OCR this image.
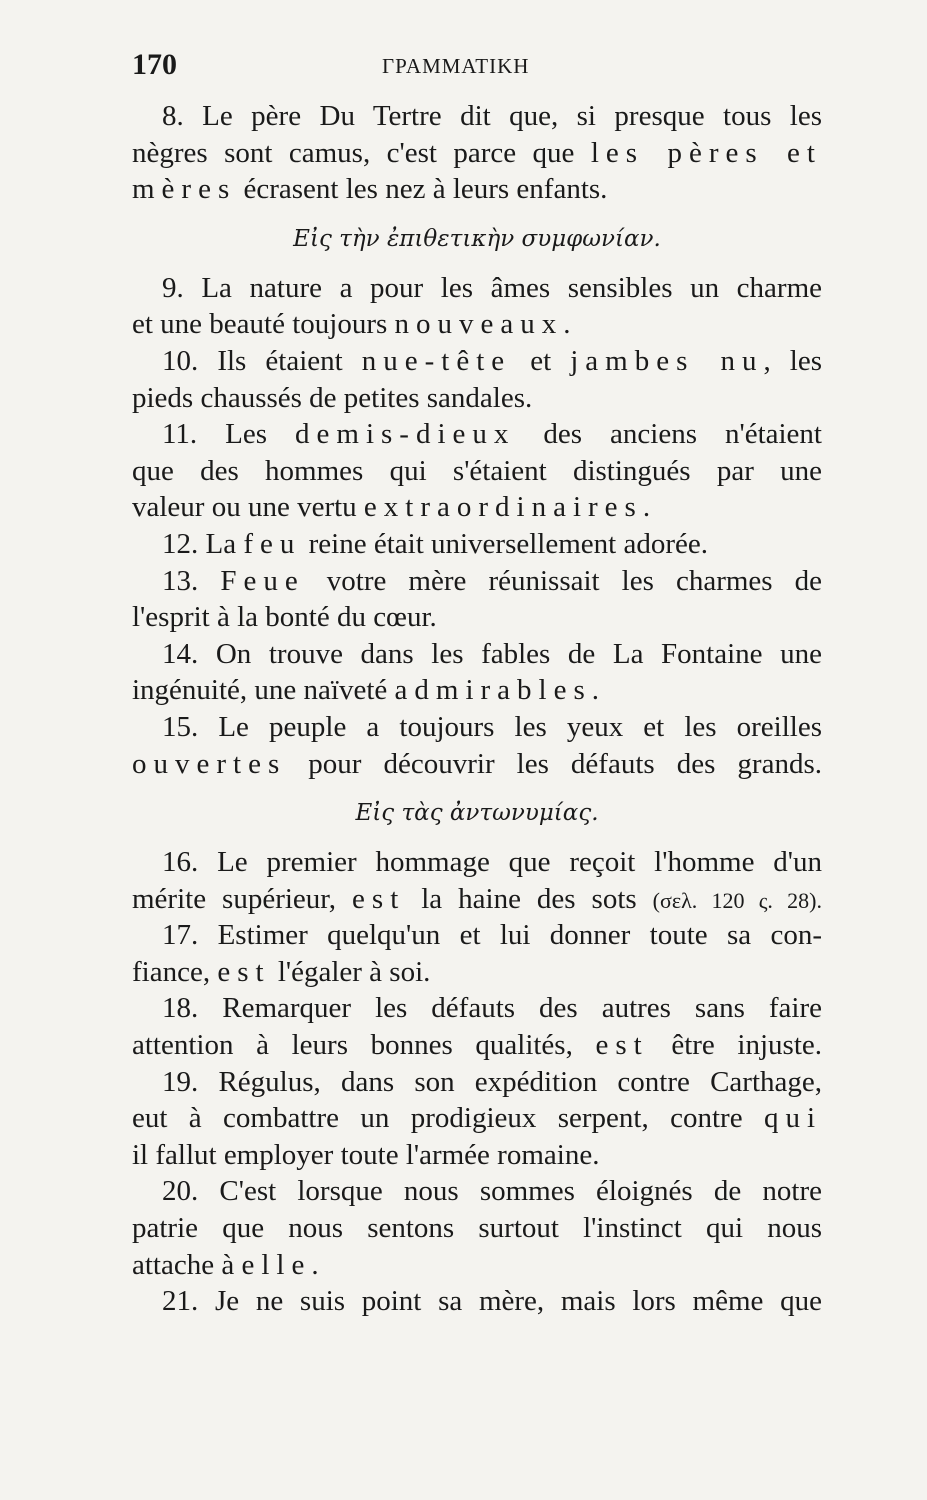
170	ΓΡΑΜΜΑΤΙΚΗ
8. Le père Du Tertre dit que, si presque tous les
nègres sont camus, c'est parce que les pères et
mères écrasent les nez à leurs enfants.
Εἰς τὴν ἐπιθετικὴν συμφωνίαν.
9. La nature a pour les âmes sensibles un charme
et une beauté toujours nouveaux.
10. Ils étaient nue-tête et jambes nu, les
pieds chaussés de petites sandales.
11. Les demis-dieux des anciens n'étaient
que des hommes qui s'étaient distingués par une
valeur ou une vertu extraordinaires.
12. La feu reine était universellement adorée.
13. Feue votre mère réunissait les charmes de
l'esprit à la bonté du cœur.
14. On trouve dans les fables de La Fontaine une
ingénuité, une naïveté admirables.
15. Le peuple a toujours les yeux et les oreilles
ouvertes pour découvrir les défauts des grands.
Εἰς τὰς ἀντωνυμίας.
16. Le premier hommage que reçoit l'homme d'un
mérite supérieur, est la haine des sots (σελ. 120 ς. 28).
17. Estimer quelqu'un et lui donner toute sa con-
fiance, est l'égaler à soi.
18. Remarquer les défauts des autres sans faire
attention à leurs bonnes qualités, est être injuste.
19. Régulus, dans son expédition contre Carthage,
eut à combattre un prodigieux serpent, contre qui
il fallut employer toute l'armée romaine.
20. C'est lorsque nous sommes éloignés de notre
patrie que nous sentons surtout l'instinct qui nous
attache à elle.
21. Je ne suis point sa mère, mais lors même que
